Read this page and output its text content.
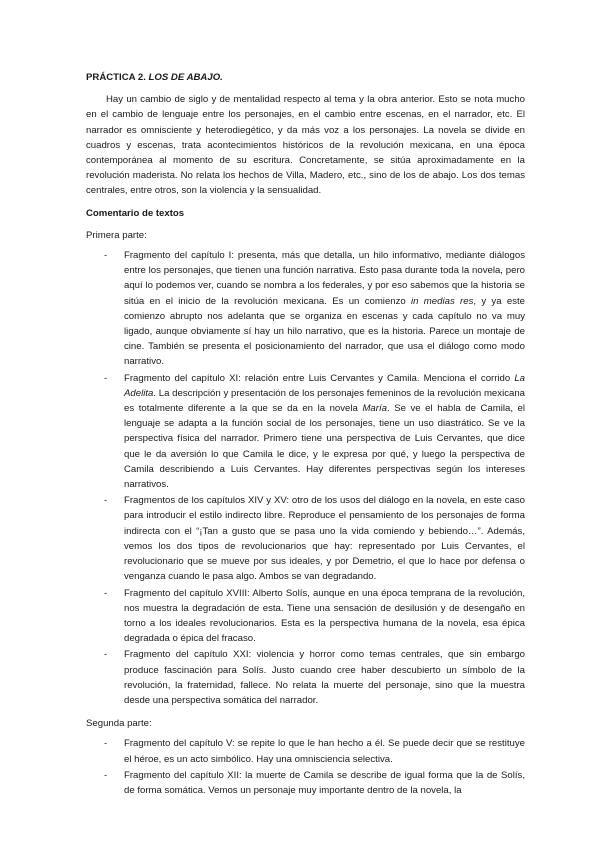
PRÁCTICA 2. LOS DE ABAJO.

Hay un cambio de siglo y de mentalidad respecto al tema y la obra anterior. Esto se nota mucho en el cambio de lenguaje entre los personajes, en el cambio entre escenas, en el narrador, etc. El narrador es omnisciente y heterodiegético, y da más voz a los personajes. La novela se divide en cuadros y escenas, trata acontecimientos históricos de la revolución mexicana, en una época contemporánea al momento de su escritura. Concretamente, se sitúa aproximadamente en la revolución maderista. No relata los hechos de Villa, Madero, etc., sino de los de abajo. Los dos temas centrales, entre otros, son la violencia y la sensualidad.

Comentario de textos

Primera parte:

- Fragmento del capítulo I: presenta, más que detalla, un hilo informativo, mediante diálogos entre los personajes, que tienen una función narrativa. Esto pasa durante toda la novela, pero aquí lo podemos ver, cuando se nombra a los federales, y por eso sabemos que la historia se sitúa en el inicio de la revolución mexicana. Es un comienzo in medias res, y ya este comienzo abrupto nos adelanta que se organiza en escenas y cada capítulo no va muy ligado, aunque obviamente sí hay un hilo narrativo, que es la historia. Parece un montaje de cine. También se presenta el posicionamiento del narrador, que usa el diálogo como modo narrativo.
- Fragmento del capítulo XI: relación entre Luis Cervantes y Camila. Menciona el corrido La Adelita. La descripción y presentación de los personajes femeninos de la revolución mexicana es totalmente diferente a la que se da en la novela María. Se ve el habla de Camila, el lenguaje se adapta a la función social de los personajes, tiene un uso diastrático. Se ve la perspectiva física del narrador. Primero tiene una perspectiva de Luis Cervantes, que dice que le da aversión lo que Camila le dice, y le expresa por qué, y luego la perspectiva de Camila describiendo a Luis Cervantes. Hay diferentes perspectivas según los intereses narrativos.
- Fragmentos de los capítulos XIV y XV: otro de los usos del diálogo en la novela, en este caso para introducir el estilo indirecto libre. Reproduce el pensamiento de los personajes de forma indirecta con el “¡Tan a gusto que se pasa uno la vida comiendo y bebiendo…”. Además, vemos los dos tipos de revolucionarios que hay: representado por Luis Cervantes, el revolucionario que se mueve por sus ideales, y por Demetrio, el que lo hace por defensa o venganza cuando le pasa algo. Ambos se van degradando.
- Fragmento del capítulo XVIII: Alberto Solís, aunque en una época temprana de la revolución, nos muestra la degradación de esta. Tiene una sensación de desilusión y de desengaño en torno a los ideales revolucionarios. Esta es la perspectiva humana de la novela, esa épica degradada o épica del fracaso.
- Fragmento del capítulo XXI: violencia y horror como temas centrales, que sin embargo produce fascinación para Solís. Justo cuando cree haber descubierto un símbolo de la revolución, la fraternidad, fallece. No relata la muerte del personaje, sino que la muestra desde una perspectiva somática del narrador.

Segunda parte:

- Fragmento del capítulo V: se repite lo que le han hecho a él. Se puede decir que se restituye el héroe, es un acto simbólico. Hay una omnisciencia selectiva.
- Fragmento del capítulo XII: la muerte de Camila se describe de igual forma que la de Solís, de forma somática. Vemos un personaje muy importante dentro de la novela, la
